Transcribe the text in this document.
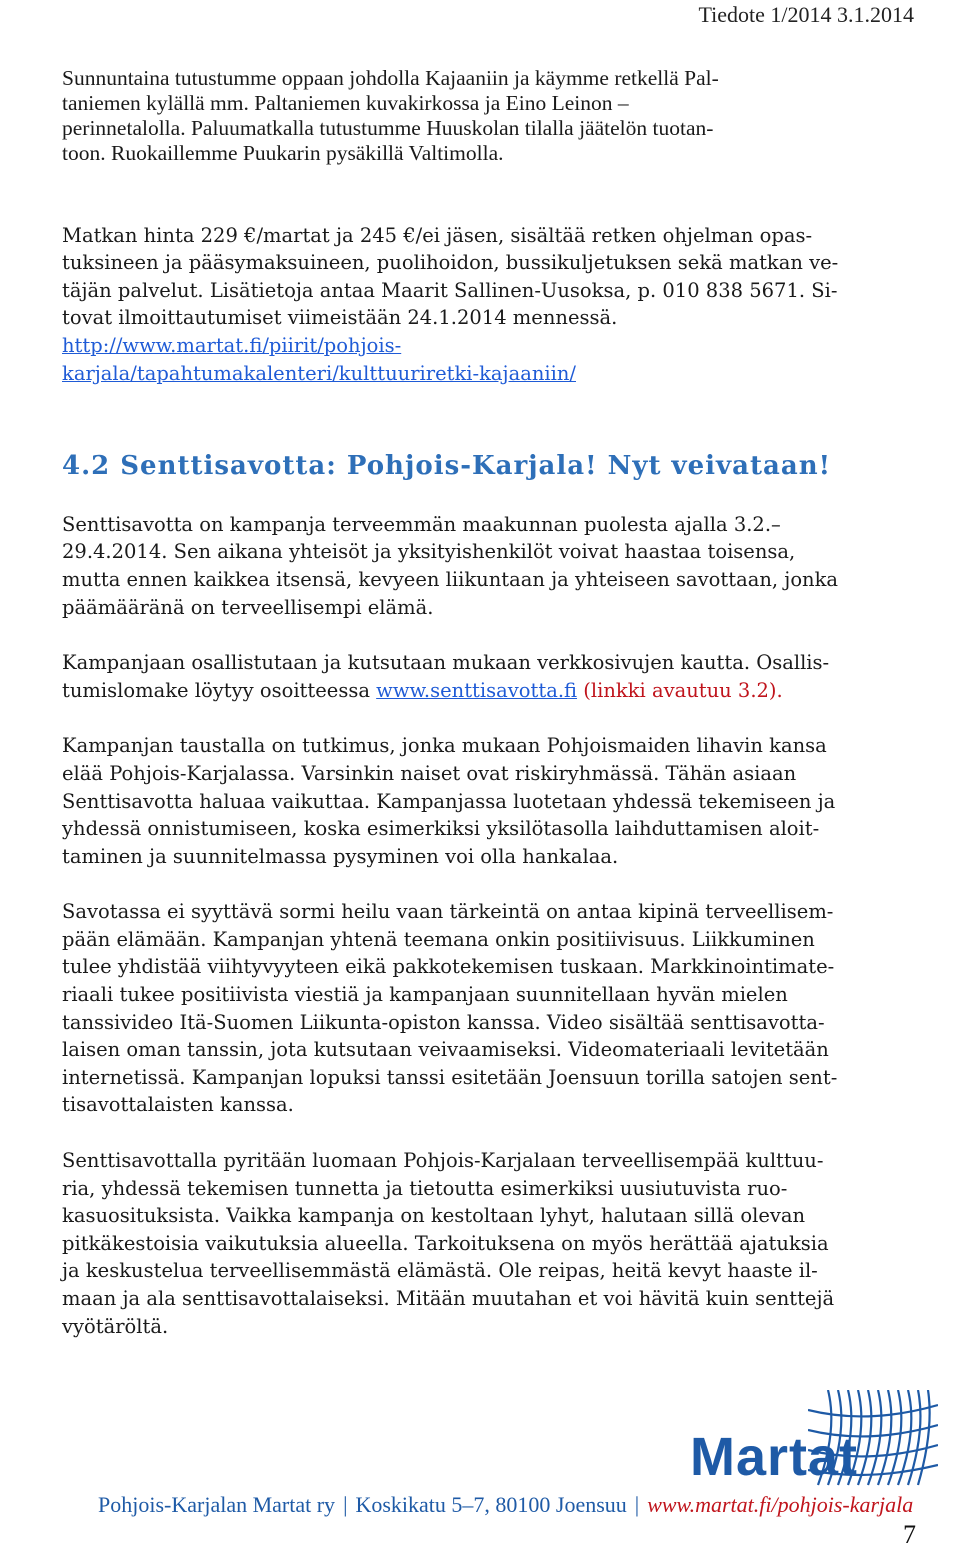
Tiedote 1/2014 3.1.2014

Sunnuntaina tutustumme oppaan johdolla Kajaaniin ja käymme retkellä Pal-
taniemen kylällä mm. Paltaniemen kuvakirkossa ja Eino Leinon –
perinnetalolla. Paluumatkalla tutustumme Huuskolan tilalla jäätelön tuotan-
toon. Ruokaillemme Puukarin pysäkillä Valtimolla.

Matkan hinta 229 €/martat ja 245 €/ei jäsen, sisältää retken ohjelman opas-
tuksineen ja pääsymaksuineen, puolihoidon, bussikuljetuksen sekä matkan ve-
täjän palvelut. Lisätietoja antaa Maarit Sallinen-Uusoksa, p. 010 838 5671. Si-
tovat ilmoittautumiset viimeistään 24.1.2014 mennessä.

http://www.martat.fi/piirit/pohjois-
karjala/tapahtumakalenteri/kulttuuriretki-kajaaniin/

4.2 Senttisavotta: Pohjois-Karjala! Nyt veivataan!

Senttisavotta on kampanja terveemmän maakunnan puolesta ajalla 3.2.–
29.4.2014. Sen aikana yhteisöt ja yksityishenkilöt voivat haastaa toisensa,
mutta ennen kaikkea itsensä, kevyeen liikuntaan ja yhteiseen savottaan, jonka
päämääränä on terveellisempi elämä.

Kampanjaan osallistutaan ja kutsutaan mukaan verkkosivujen kautta. Osallis-
tumislomake löytyy osoitteessa www.senttisavotta.fi (linkki avautuu 3.2).

Kampanjan taustalla on tutkimus, jonka mukaan Pohjoismaiden lihavin kansa
elää Pohjois-Karjalassa. Varsinkin naiset ovat riskiryhmässä. Tähän asiaan
Senttisavotta haluaa vaikuttaa. Kampanjassa luotetaan yhdessä tekemiseen ja
yhdessä onnistumiseen, koska esimerkiksi yksilötasolla laihduttamisen aloit-
taminen ja suunnitelmassa pysyminen voi olla hankalaa.

Savotassa ei syyttävä sormi heilu vaan tärkeintä on antaa kipinä terveellisem-
pään elämään. Kampanjan yhtenä teemana onkin positiivisuus. Liikkuminen
tulee yhdistää viihtyvyyteen eikä pakkotekemisen tuskaan. Markkinointimate-
riaali tukee positiivista viestiä ja kampanjaan suunnitellaan hyvän mielen
tanssivideo Itä-Suomen Liikunta-opiston kanssa. Video sisältää senttisavotta-
laisen oman tanssin, jota kutsutaan veivaamiseksi. Videomateriaali levitetään
internetissä. Kampanjan lopuksi tanssi esitetään Joensuun torilla satojen sent-
tisavottalaisten kanssa.

Senttisavottalla pyritään luomaan Pohjois-Karjalaan terveellisempää kulttuu-
ria, yhdessä tekemisen tunnetta ja tietoutta esimerkiksi uusiutuvista ruo-
kasuosituksista. Vaikka kampanja on kestoltaan lyhyt, halutaan sillä olevan
pitkäkestoisia vaikutuksia alueella. Tarkoituksena on myös herättää ajatuksia
ja keskustelua terveellisemmästä elämästä. Ole reipas, heitä kevyt haaste il-
maan ja ala senttisavottalaiseksi. Mitään muutahan et voi hävitä kuin senttejä
vyötäröltä.

Martat
Pohjois-Karjalan Martat ry | Koskikatu 5–7, 80100 Joensuu | www.martat.fi/pohjois-karjala
7
